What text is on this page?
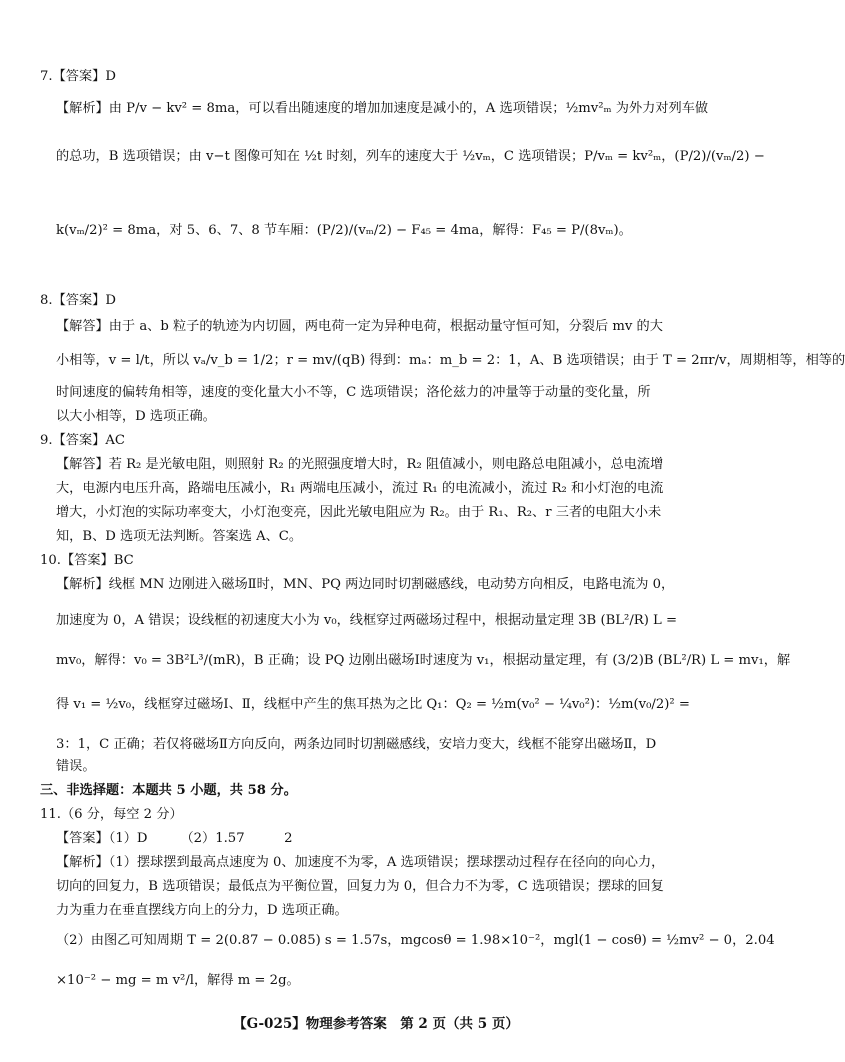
7.【答案】D
【解析】由 P/v − kv² = 8ma，可以看出随速度的增加加速度是减小的，A 选项错误；½mv²ₘ 为外力对列车做
的总功，B 选项错误；由 v−t 图像可知在 ½t 时刻，列车的速度大于 ½vₘ，C 选项错误；P/vₘ = kv²ₘ，(P/2)/(vₘ/2) −
k(vₘ/2)² = 8ma，对 5、6、7、8 节车厢：(P/2)/(vₘ/2) − F₄₅ = 4ma，解得：F₄₅ = P/(8vₘ)。
8.【答案】D
【解答】由于 a、b 粒子的轨迹为内切圆，两电荷一定为异种电荷，根据动量守恒可知，分裂后 mv 的大
小相等，v = l/t，所以 vₐ/v_b = 1/2；r = mv/(qB) 得到：mₐ：m_b = 2：1，A、B 选项错误；由于 T = 2πr/v，周期相等，相等的
时间速度的偏转角相等，速度的变化量大小不等，C 选项错误；洛伦兹力的冲量等于动量的变化量，所
以大小相等，D 选项正确。
9.【答案】AC
【解答】若 R₂ 是光敏电阻，则照射 R₂ 的光照强度增大时，R₂ 阻值减小，则电路总电阻减小，总电流增
大，电源内电压升高，路端电压减小，R₁ 两端电压减小，流过 R₁ 的电流减小，流过 R₂ 和小灯泡的电流
增大，小灯泡的实际功率变大，小灯泡变亮，因此光敏电阻应为 R₂。由于 R₁、R₂、r 三者的电阻大小未
知，B、D 选项无法判断。答案选 A、C。
10.【答案】BC
【解析】线框 MN 边刚进入磁场Ⅱ时，MN、PQ 两边同时切割磁感线，电动势方向相反，电路电流为 0，
加速度为 0，A 错误；设线框的初速度大小为 v₀，线框穿过两磁场过程中，根据动量定理 3B (BL²/R) L =
mv₀，解得：v₀ = 3B²L³/(mR)，B 正确；设 PQ 边刚出磁场Ⅰ时速度为 v₁，根据动量定理，有 (3/2)B (BL²/R) L = mv₁，解
得 v₁ = ½v₀，线框穿过磁场Ⅰ、Ⅱ，线框中产生的焦耳热为之比 Q₁：Q₂ = ½m(v₀² − ¼v₀²)：½m(v₀/2)² =
3：1，C 正确；若仅将磁场Ⅱ方向反向，两条边同时切割磁感线，安培力变大，线框不能穿出磁场Ⅱ，D
错误。
三、非选择题：本题共 5 小题，共 58 分。
11.（6 分，每空 2 分）
【答案】（1）D　　　（2）1.57　　　2
【解析】（1）摆球摆到最高点速度为 0、加速度不为零，A 选项错误；摆球摆动过程存在径向的向心力，
切向的回复力，B 选项错误；最低点为平衡位置，回复力为 0，但合力不为零，C 选项错误；摆球的回复
力为重力在垂直摆线方向上的分力，D 选项正确。
（2）由图乙可知周期 T = 2(0.87 − 0.085) s = 1.57s，mgcosθ = 1.98×10⁻²，mgl(1 − cosθ) = ½mv² − 0，2.04
×10⁻² − mg = m v²/l，解得 m = 2g。
【G-025】物理参考答案　第 2 页（共 5 页）
